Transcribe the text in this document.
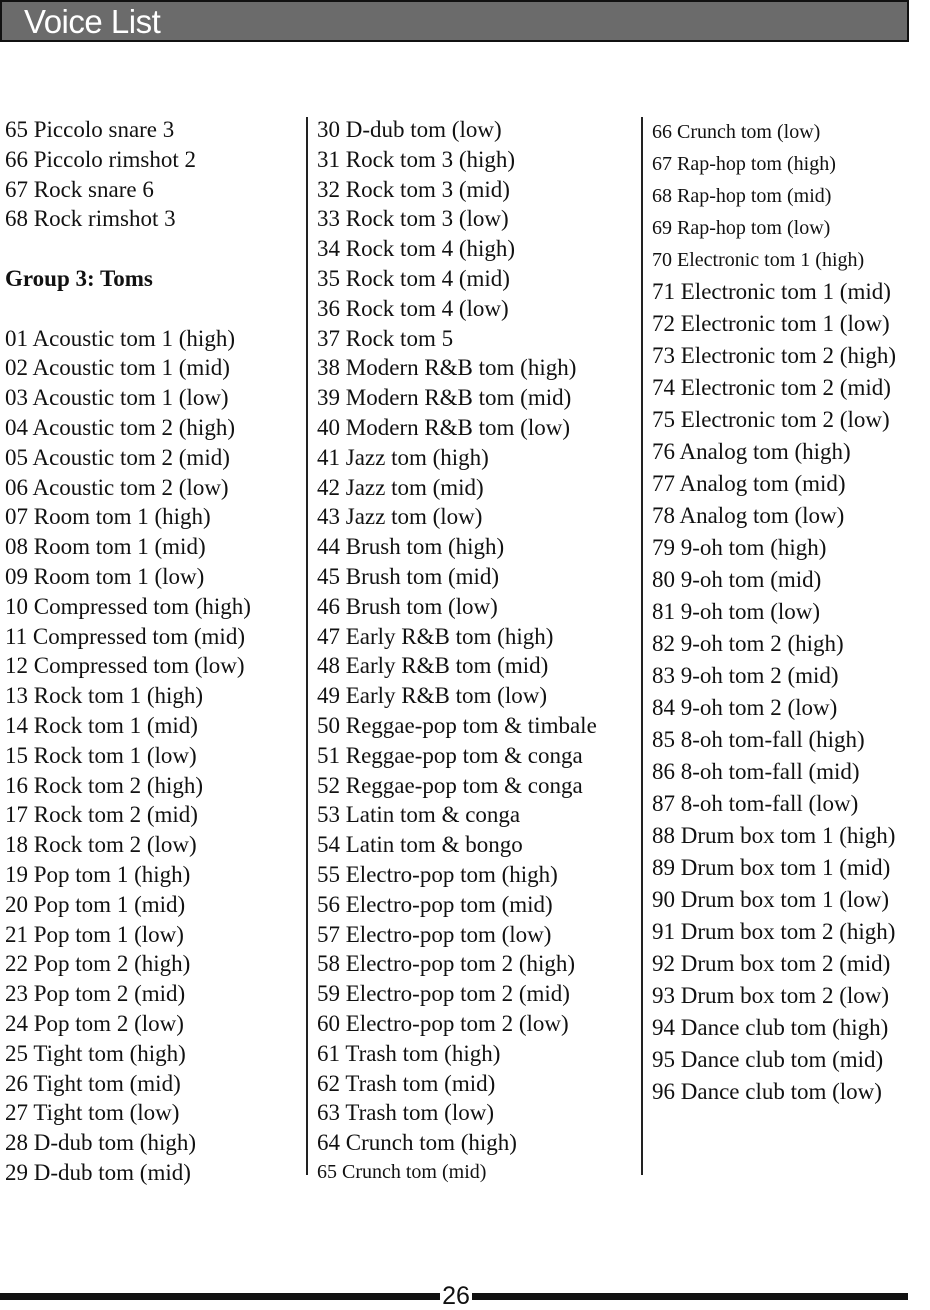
Voice List
65 Piccolo snare 3
66 Piccolo rimshot 2
67 Rock snare 6
68 Rock rimshot 3
Group 3: Toms
01 Acoustic tom 1 (high)
02 Acoustic tom 1 (mid)
03 Acoustic tom 1 (low)
04 Acoustic tom 2 (high)
05 Acoustic tom 2 (mid)
06 Acoustic tom 2 (low)
07 Room tom 1 (high)
08 Room tom 1 (mid)
09 Room tom 1 (low)
10 Compressed tom (high)
11 Compressed tom (mid)
12 Compressed tom (low)
13 Rock tom 1 (high)
14 Rock tom 1 (mid)
15 Rock tom 1 (low)
16 Rock tom 2 (high)
17 Rock tom 2 (mid)
18 Rock tom 2 (low)
19 Pop tom 1 (high)
20 Pop tom 1 (mid)
21 Pop tom 1 (low)
22 Pop tom 2 (high)
23 Pop tom 2 (mid)
24 Pop tom 2 (low)
25 Tight tom (high)
26 Tight tom (mid)
27 Tight tom (low)
28 D-dub tom (high)
29 D-dub tom (mid)
30 D-dub tom (low)
31 Rock tom 3 (high)
32 Rock tom 3 (mid)
33 Rock tom 3 (low)
34 Rock tom 4 (high)
35 Rock tom 4 (mid)
36 Rock tom 4 (low)
37 Rock tom 5
38 Modern R&B tom (high)
39 Modern R&B tom (mid)
40 Modern R&B tom (low)
41 Jazz tom (high)
42 Jazz tom (mid)
43 Jazz tom (low)
44 Brush tom (high)
45 Brush tom (mid)
46 Brush tom (low)
47 Early R&B tom (high)
48 Early R&B tom (mid)
49 Early R&B tom (low)
50 Reggae-pop tom & timbale
51 Reggae-pop tom & conga
52 Reggae-pop tom & conga
53 Latin tom & conga
54 Latin tom & bongo
55 Electro-pop tom (high)
56 Electro-pop tom (mid)
57 Electro-pop tom (low)
58 Electro-pop tom 2 (high)
59 Electro-pop tom 2 (mid)
60 Electro-pop tom 2 (low)
61 Trash tom (high)
62 Trash tom (mid)
63 Trash tom (low)
64 Crunch tom (high)
65 Crunch tom (mid)
66 Crunch tom (low)
67 Rap-hop tom (high)
68 Rap-hop tom (mid)
69 Rap-hop tom (low)
70 Electronic tom 1 (high)
71 Electronic tom 1 (mid)
72 Electronic tom 1 (low)
73 Electronic tom 2 (high)
74 Electronic tom 2 (mid)
75 Electronic tom 2 (low)
76 Analog tom (high)
77 Analog tom (mid)
78 Analog tom (low)
79 9-oh tom (high)
80 9-oh tom (mid)
81 9-oh tom (low)
82 9-oh tom 2 (high)
83 9-oh tom 2 (mid)
84 9-oh tom 2 (low)
85 8-oh tom-fall (high)
86 8-oh tom-fall (mid)
87 8-oh tom-fall (low)
88 Drum box tom 1 (high)
89 Drum box tom 1 (mid)
90 Drum box tom 1 (low)
91 Drum box tom 2 (high)
92 Drum box tom 2 (mid)
93 Drum box tom 2 (low)
94 Dance club tom (high)
95 Dance club tom (mid)
96 Dance club tom (low)
26
